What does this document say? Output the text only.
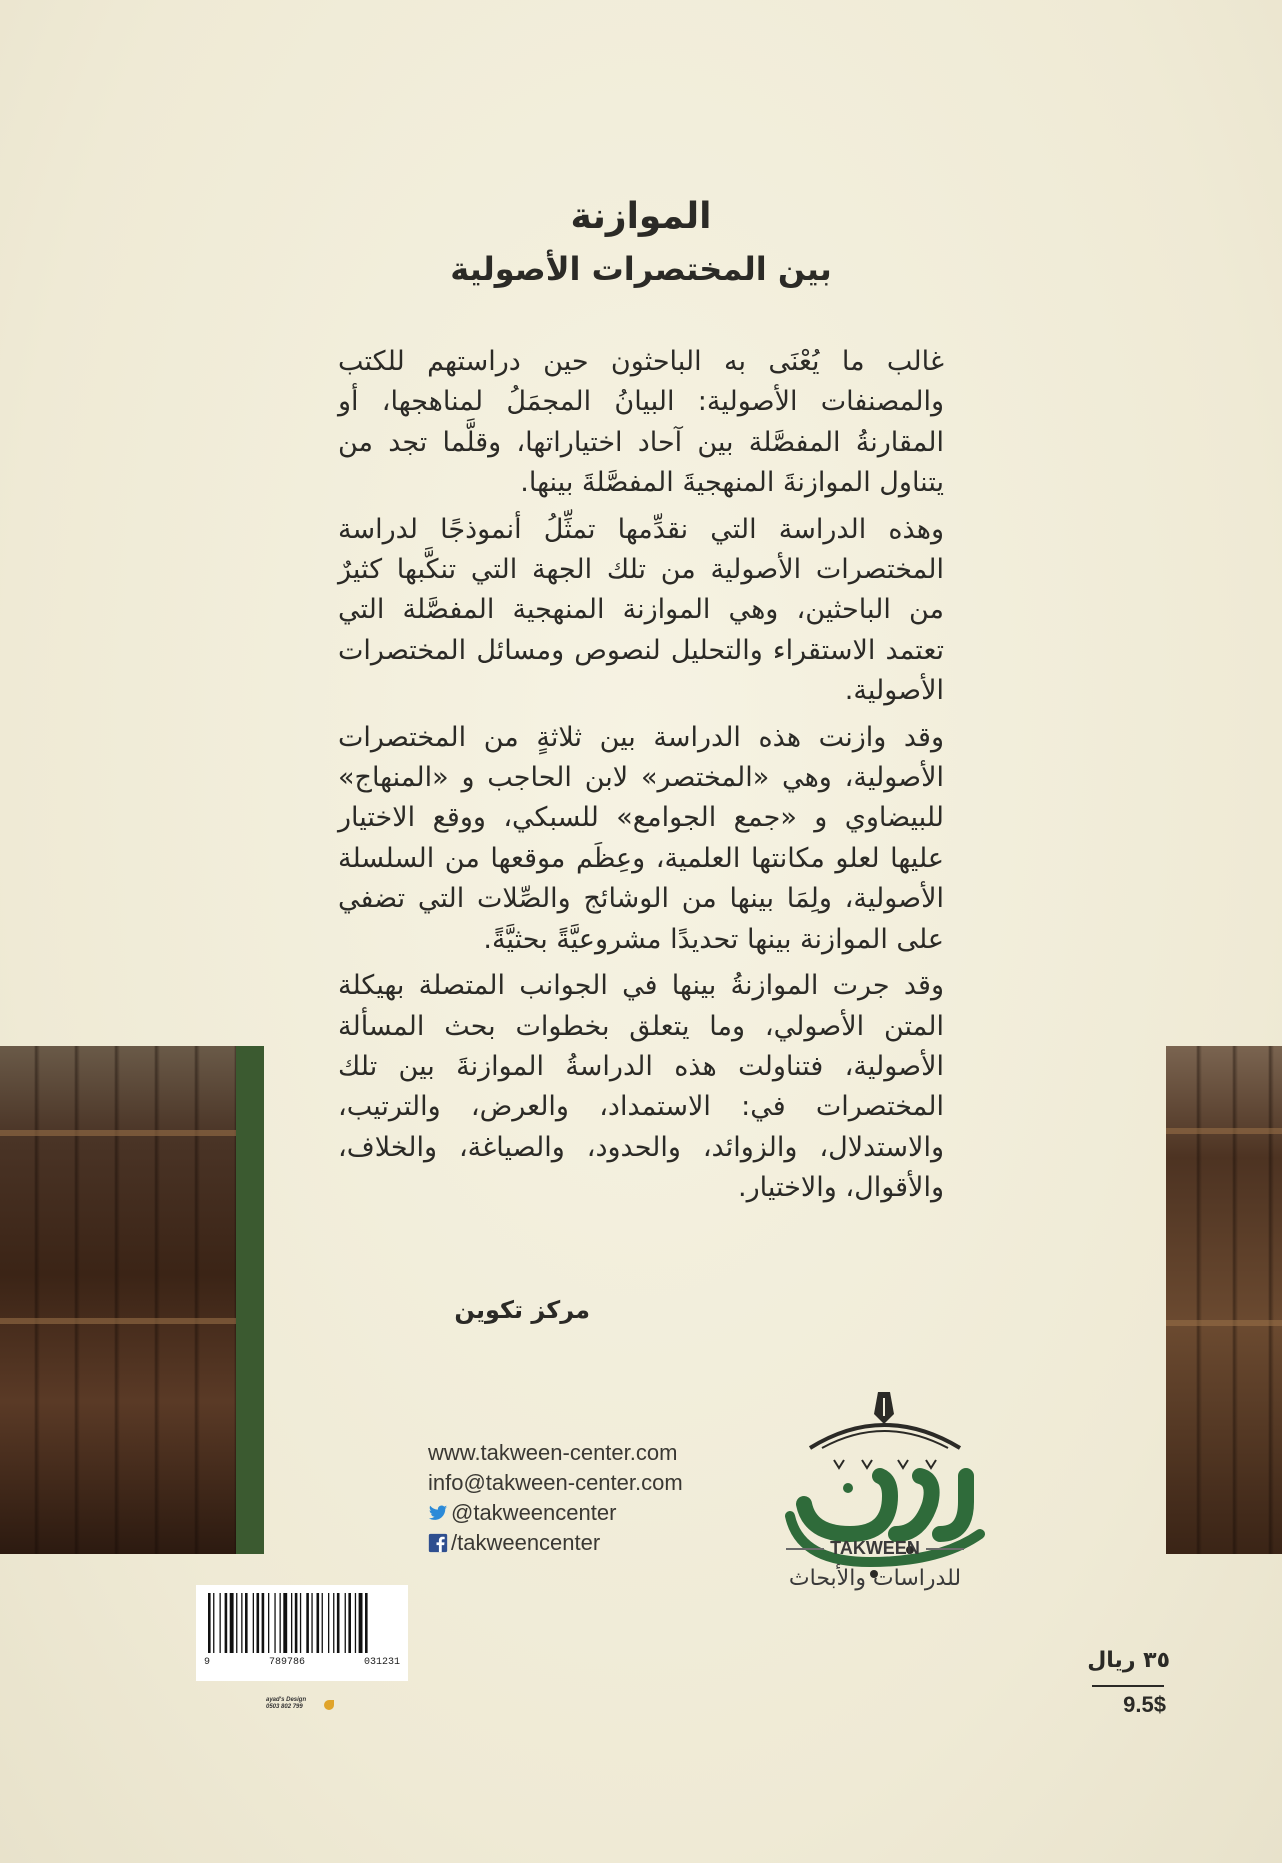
الموازنة
بين المختصرات الأصولية

غالب ما يُعْنَى به الباحثون حين دراستهم للكتب والمصنفات الأصولية: البيانُ المجمَلُ لمناهجها، أو المقارنةُ المفصَّلة بين آحاد اختياراتها، وقلَّما تجد من يتناول الموازنةَ المنهجيةَ المفصَّلةَ بينها.

وهذه الدراسة التي نقدِّمها تمثِّلُ أنموذجًا لدراسة المختصرات الأصولية من تلك الجهة التي تنكَّبها كثيرٌ من الباحثين، وهي الموازنة المنهجية المفصَّلة التي تعتمد الاستقراء والتحليل لنصوص ومسائل المختصرات الأصولية.

وقد وازنت هذه الدراسة بين ثلاثةٍ من المختصرات الأصولية، وهي «المختصر» لابن الحاجب و «المنهاج» للبيضاوي و «جمع الجوامع» للسبكي، ووقع الاختيار عليها لعلو مكانتها العلمية، وعِظَم موقعها من السلسلة الأصولية، ولِمَا بينها من الوشائج والصِّلات التي تضفي على الموازنة بينها تحديدًا مشروعيَّةً بحثيَّةً.

وقد جرت الموازنةُ بينها في الجوانب المتصلة بهيكلة المتن الأصولي، وما يتعلق بخطوات بحث المسألة الأصولية، فتناولت هذه الدراسةُ الموازنةَ بين تلك المختصرات في: الاستمداد، والعرض، والترتيب، والاستدلال، والزوائد، والحدود، والصياغة، والخلاف، والأقوال، والاختيار.

مركز تكوين
www.takween-center.com
info@takween-center.com
@takweencenter
/takweencenter	TAKWEEN
للدراسات والأبحاث
9	789786	031231
ayad's Design
0503 802 799
٣٥ ريال
9.5$
